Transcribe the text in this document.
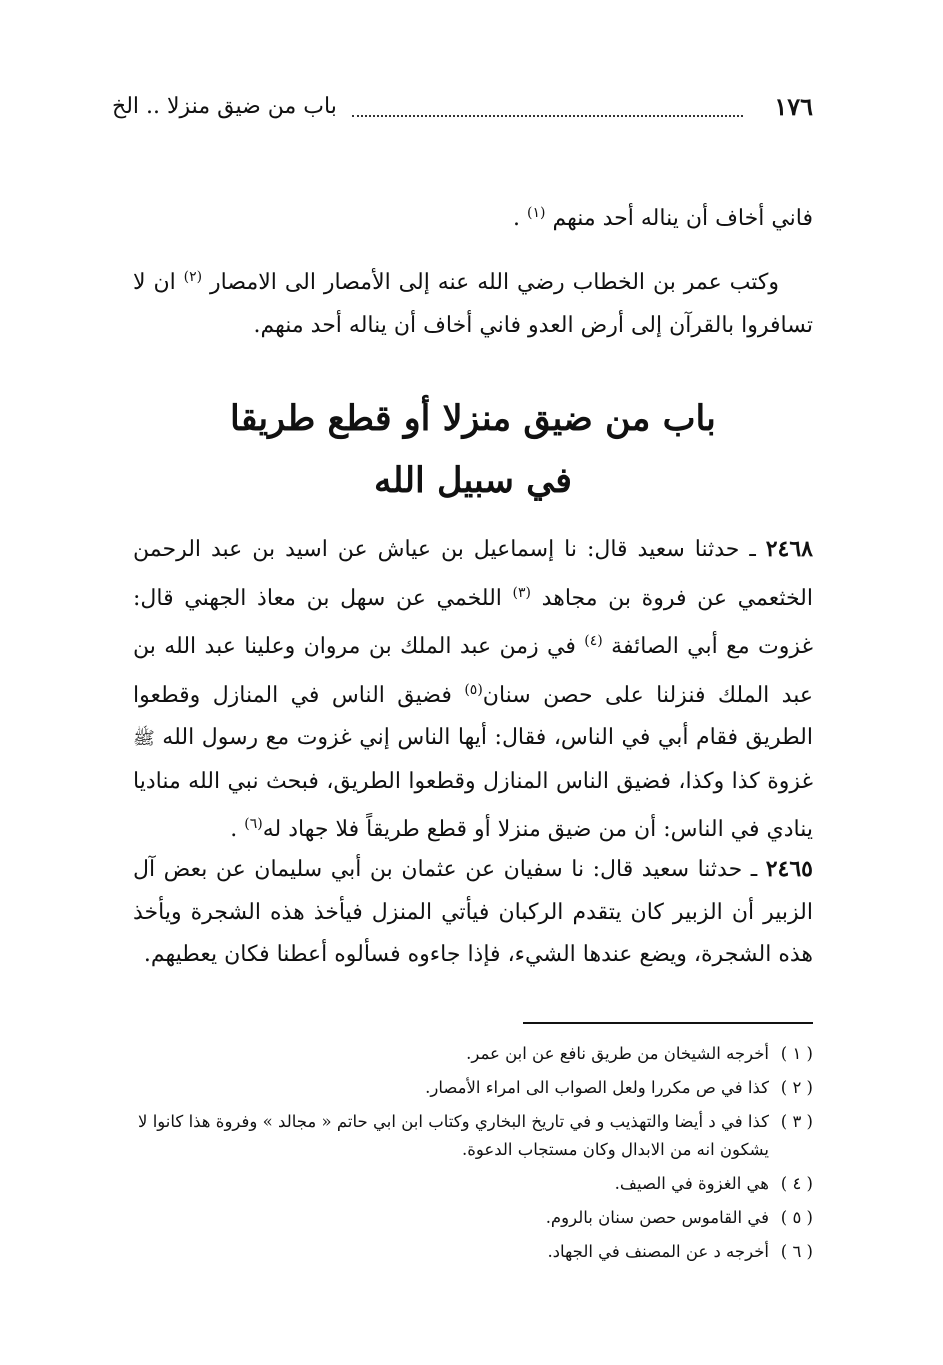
١٧٦
باب من ضيق منزلا .. الخ

فاني أخاف أن يناله أحد منهم $^{(١)}$ .

وكتب عمر بن الخطاب رضي الله عنه إلى الأمصار الى الامصار $^{(٢)}$ ان لا تسافروا بالقرآن إلى أرض العدو فاني أخاف أن يناله أحد منهم.

باب من ضيق منزلا أو قطع طريقا
في سبيل الله

٢٤٦٨ ـ حدثنا سعيد قال: نا إسماعيل بن عياش عن اسيد بن عبد الرحمن الخثعمي عن فروة بن مجاهد $^{(٣)}$ اللخمي عن سهل بن معاذ الجهني قال: غزوت مع أبي الصائفة $^{(٤)}$ في زمن عبد الملك بن مروان وعلينا عبد الله بن عبد الملك فنزلنا على حصن سنان$^{(٥)}$ فضيق الناس في المنازل وقطعوا الطريق فقام أبي في الناس، فقال: أيها الناس إني غزوت مع رسول الله ﷺ غزوة كذا وكذا، فضيق الناس المنازل وقطعوا الطريق، فبحث نبي الله مناديا ينادي في الناس: أن من ضيق منزلا أو قطع طريقاً فلا جهاد له$^{(٦)}$ .

٢٤٦٥ ـ حدثنا سعيد قال: نا سفيان عن عثمان بن أبي سليمان عن بعض آل الزبير أن الزبير كان يتقدم الركبان فيأتي المنزل فيأخذ هذه الشجرة ويأخذ هذه الشجرة، ويضع عندها الشيء، فإذا جاءوه فسألوه أعطنا فكان يعطيهم.

( ١ )
أخرجه الشيخان من طريق نافع عن ابن عمر.
( ٢ )
كذا في ص مكررا ولعل الصواب الى امراء الأمصار.
( ٣ )
كذا في د أيضا والتهذيب و في تاريخ البخاري وكتاب ابن ابي حاتم « مجالد » وفروة هذا كانوا لا يشكون انه من الابدال وكان مستجاب الدعوة.
( ٤ )
هي الغزوة في الصيف.
( ٥ )
في القاموس حصن سنان بالروم.
( ٦ )
أخرجه د عن المصنف في الجهاد.
